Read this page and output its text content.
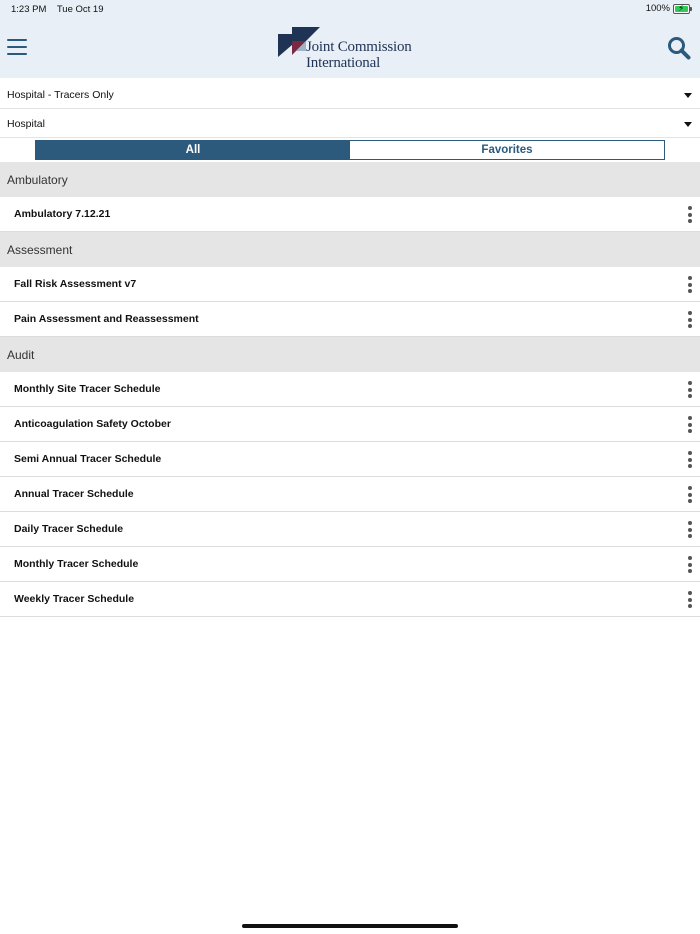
1:23 PM Tue Oct 19	100% ⚡
Joint Commission
International
Hospital - Tracers Only
Hospital
All	Favorites
Ambulatory
Ambulatory 7.12.21
Assessment
Fall Risk Assessment v7
Pain Assessment and Reassessment
Audit
Monthly Site Tracer Schedule
Anticoagulation Safety October
Semi Annual Tracer Schedule
Annual Tracer Schedule
Daily Tracer Schedule
Monthly Tracer Schedule
Weekly Tracer Schedule
